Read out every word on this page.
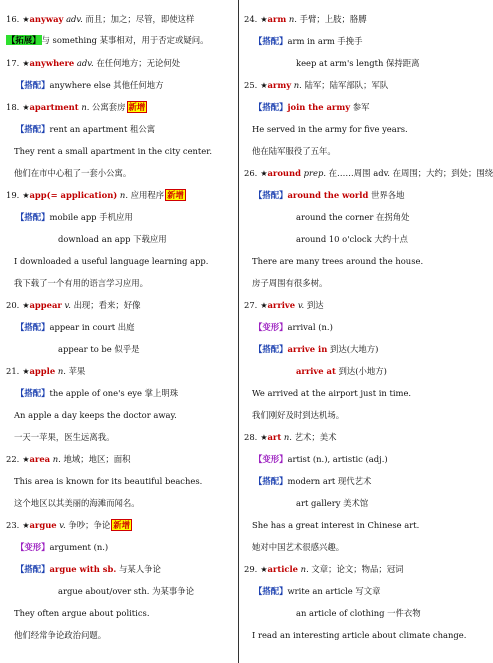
16. ★anyway adv. 而且；加之；尽管，即使这样
【拓展】与 something 某事相对，用于否定或疑问。
17. ★anywhere adv. 在任何地方；无论何处
【搭配】anywhere else 其他任何地方
18. ★apartment n. 公寓套房 新增
【搭配】rent an apartment 租公寓
They rent a small apartment in the city center.
他们在市中心租了一套小公寓。
19. ★app(= application) n. 应用程序 新增
【搭配】mobile app 手机应用
download an app 下载应用
I downloaded a useful language learning app.
我下载了一个有用的语言学习应用。
20. ★appear v. 出现；看来；好像
【搭配】appear in court 出庭
appear to be 似乎是
21. ★apple n. 苹果
【搭配】the apple of one's eye 掌上明珠
An apple a day keeps the doctor away.
一天一苹果，医生远离我。
22. ★area n. 地域；地区；面积
This area is known for its beautiful beaches.
这个地区以其美丽的海滩而闻名。
23. ★argue v. 争吵；争论 新增
【变形】argument (n.)
【搭配】argue with sb. 与某人争论
argue about/over sth. 为某事争论
They often argue about politics.
他们经常争论政治问题。
24. ★arm n. 手臂；上肢；胳膊
【搭配】arm in arm 手挽手
keep at arm's length 保持距离
25. ★army n. 陆军；陆军部队；军队
【搭配】join the army 参军
He served in the army for five years.
他在陆军服役了五年。
26. ★around prep. 在……周围 adv. 在周围；大约；到处；围绕
【搭配】around the world 世界各地
around the corner 在拐角处
around 10 o'clock 大约十点
There are many trees around the house.
房子周围有很多树。
27. ★arrive v. 到达
【变形】arrival (n.)
【搭配】arrive in 到达(大地方)
arrive at 到达(小地方)
We arrived at the airport just in time.
我们刚好及时到达机场。
28. ★art n. 艺术；美术
【变形】artist (n.), artistic (adj.)
【搭配】modern art 现代艺术
art gallery 美术馆
She has a great interest in Chinese art.
她对中国艺术很感兴趣。
29. ★article n. 文章；论文；物品；冠词
【搭配】write an article 写文章
an article of clothing 一件衣物
I read an interesting article about climate change.
